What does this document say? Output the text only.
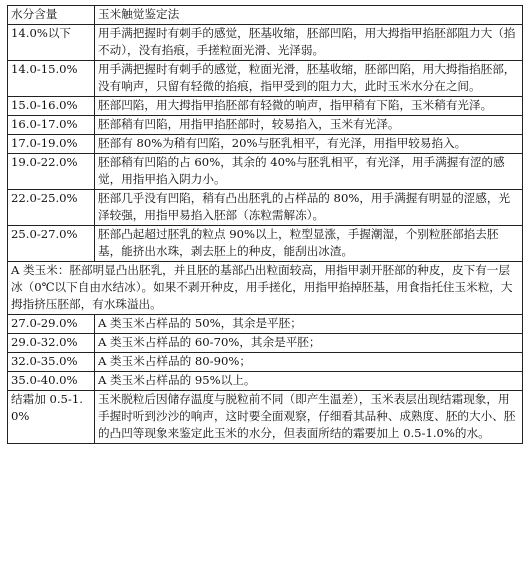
水分含量	玉米触觉鉴定法
14.0%以下	用手满把握时有刺手的感觉，胚基收缩，胚部凹陷，用大拇指甲掐胚部阻力大（掐不动），没有掐痕，手搓粒面光滑、光泽弱。
14.0-15.0%	用手满把握时有刺手的感觉，粒面光滑，胚基收缩，胚部凹陷，用大拇指掐胚部，没有响声，只留有轻微的掐痕，指甲受到的阻力大，此时玉米水分在之间。
15.0-16.0%	胚部凹陷，用大拇指甲掐胚部有轻微的响声，指甲稍有下陷，玉米稍有光泽。
16.0-17.0%	胚部稍有凹陷，用指甲掐胚部时，较易掐入，玉米有光泽。
17.0-19.0%	胚部有 80%为稍有凹陷，20%与胚乳相平，有光泽，用指甲较易掐入。
19.0-22.0%	胚部稍有凹陷的占 60%，其余的 40%与胚乳相平，有光泽，用手满握有涩的感觉，用指甲掐入阴力小。
22.0-25.0%	胚部几乎没有凹陷，稍有凸出胚乳的占样品的 80%，用手满握有明显的涩感，光泽较强，用指甲易掐入胚部（冻粒需解冻）。
25.0-27.0%	胚部凸起超过胚乳的粒点 90%以上，粒型显涨，手握潮湿，个别粒胚部掐去胚基，能挤出水珠，剥去胚上的种皮，能刮出冰渣。
A 类玉米：胚部明显凸出胚乳，并且胚的基部凸出粒面较高，用指甲剥开胚部的种皮，皮下有一层冰（0℃以下自由水结冰）。如果不剥开种皮，用手搓化，用指甲掐掉胚基，用食指托住玉米粒，大拇指挤压胚部，有水珠溢出。	
27.0-29.0%	A 类玉米占样品的 50%，其余是平胚；
29.0-32.0%	A 类玉米占样品的 60-70%，其余是平胚；
32.0-35.0%	A 类玉米占样品的 80-90%；
35.0-40.0%	A 类玉米占样品的 95%以上。
结霜加 0.5-1.0%	玉米脱粒后因储存温度与脱粒前不同（即产生温差），玉米表层出现结霜现象，用手握时听到沙沙的响声，这时要全面观察，仔细看其品种、成熟度、胚的大小、胚的凸凹等现象来鉴定此玉米的水分，但表面所结的霜要加上 0.5-1.0%的水。
